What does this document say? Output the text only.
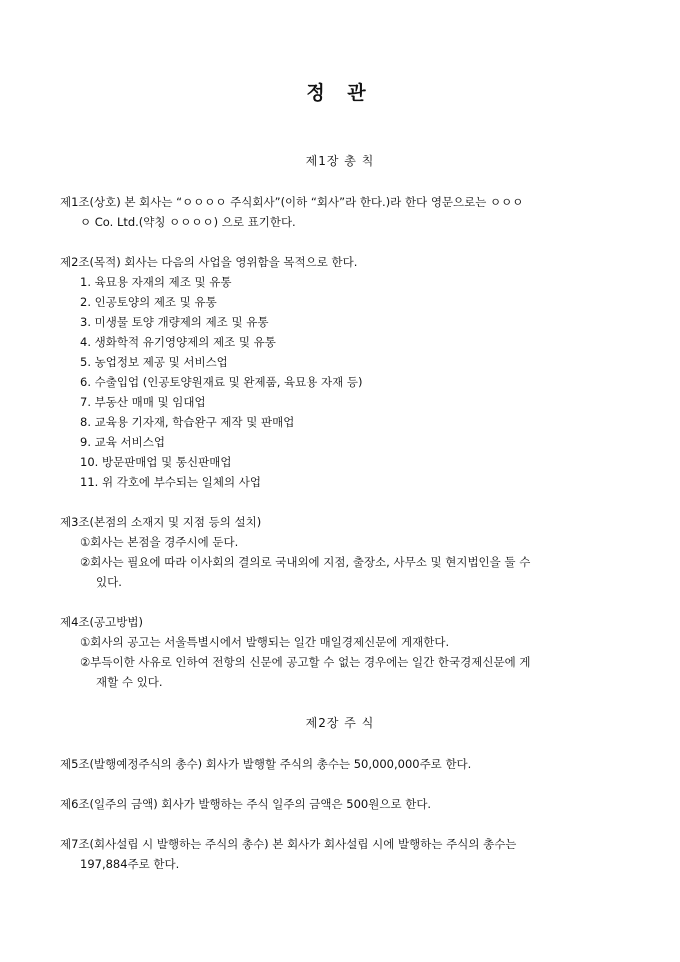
정 관
제1장 총 칙
제1조(상호) 본 회사는 “ㅇㅇㅇㅇ 주식회사”(이하 “회사”라 한다.)라 한다 영문으로는 ㅇㅇㅇ
ㅇ Co. Ltd.(약칭 ㅇㅇㅇㅇ) 으로 표기한다.
제2조(목적) 회사는 다음의 사업을 영위함을 목적으로 한다.
1. 육묘용 자재의 제조 및 유통
2. 인공토양의 제조 및 유통
3. 미생물 토양 개량제의 제조 및 유통
4. 생화학적 유기영양제의 제조 및 유통
5. 농업정보 제공 및 서비스업
6. 수출입업 (인공토양원재료 및 완제품, 육묘용 자재 등)
7. 부동산 매매 및 임대업
8. 교육용 기자재, 학습완구 제작 및 판매업
9. 교육 서비스업
10. 방문판매업 및 통신판매업
11. 위 각호에 부수되는 일체의 사업
제3조(본점의 소재지 및 지점 등의 설치)
①회사는 본점을 경주시에 둔다.
②회사는 필요에 따라 이사회의 결의로 국내외에 지점, 출장소, 사무소 및 현지법인을 둘 수
있다.
제4조(공고방법)
①회사의 공고는 서울특별시에서 발행되는 일간 매일경제신문에 게재한다.
②부득이한 사유로 인하여 전항의 신문에 공고할 수 없는 경우에는 일간 한국경제신문에 게
재할 수 있다.
제2장 주 식
제5조(발행예정주식의 총수) 회사가 발행할 주식의 총수는 50,000,000주로 한다.
제6조(일주의 금액) 회사가 발행하는 주식 일주의 금액은 500원으로 한다.
제7조(회사설립 시 발행하는 주식의 총수) 본 회사가 회사설립 시에 발행하는 주식의 총수는
197,884주로 한다.
